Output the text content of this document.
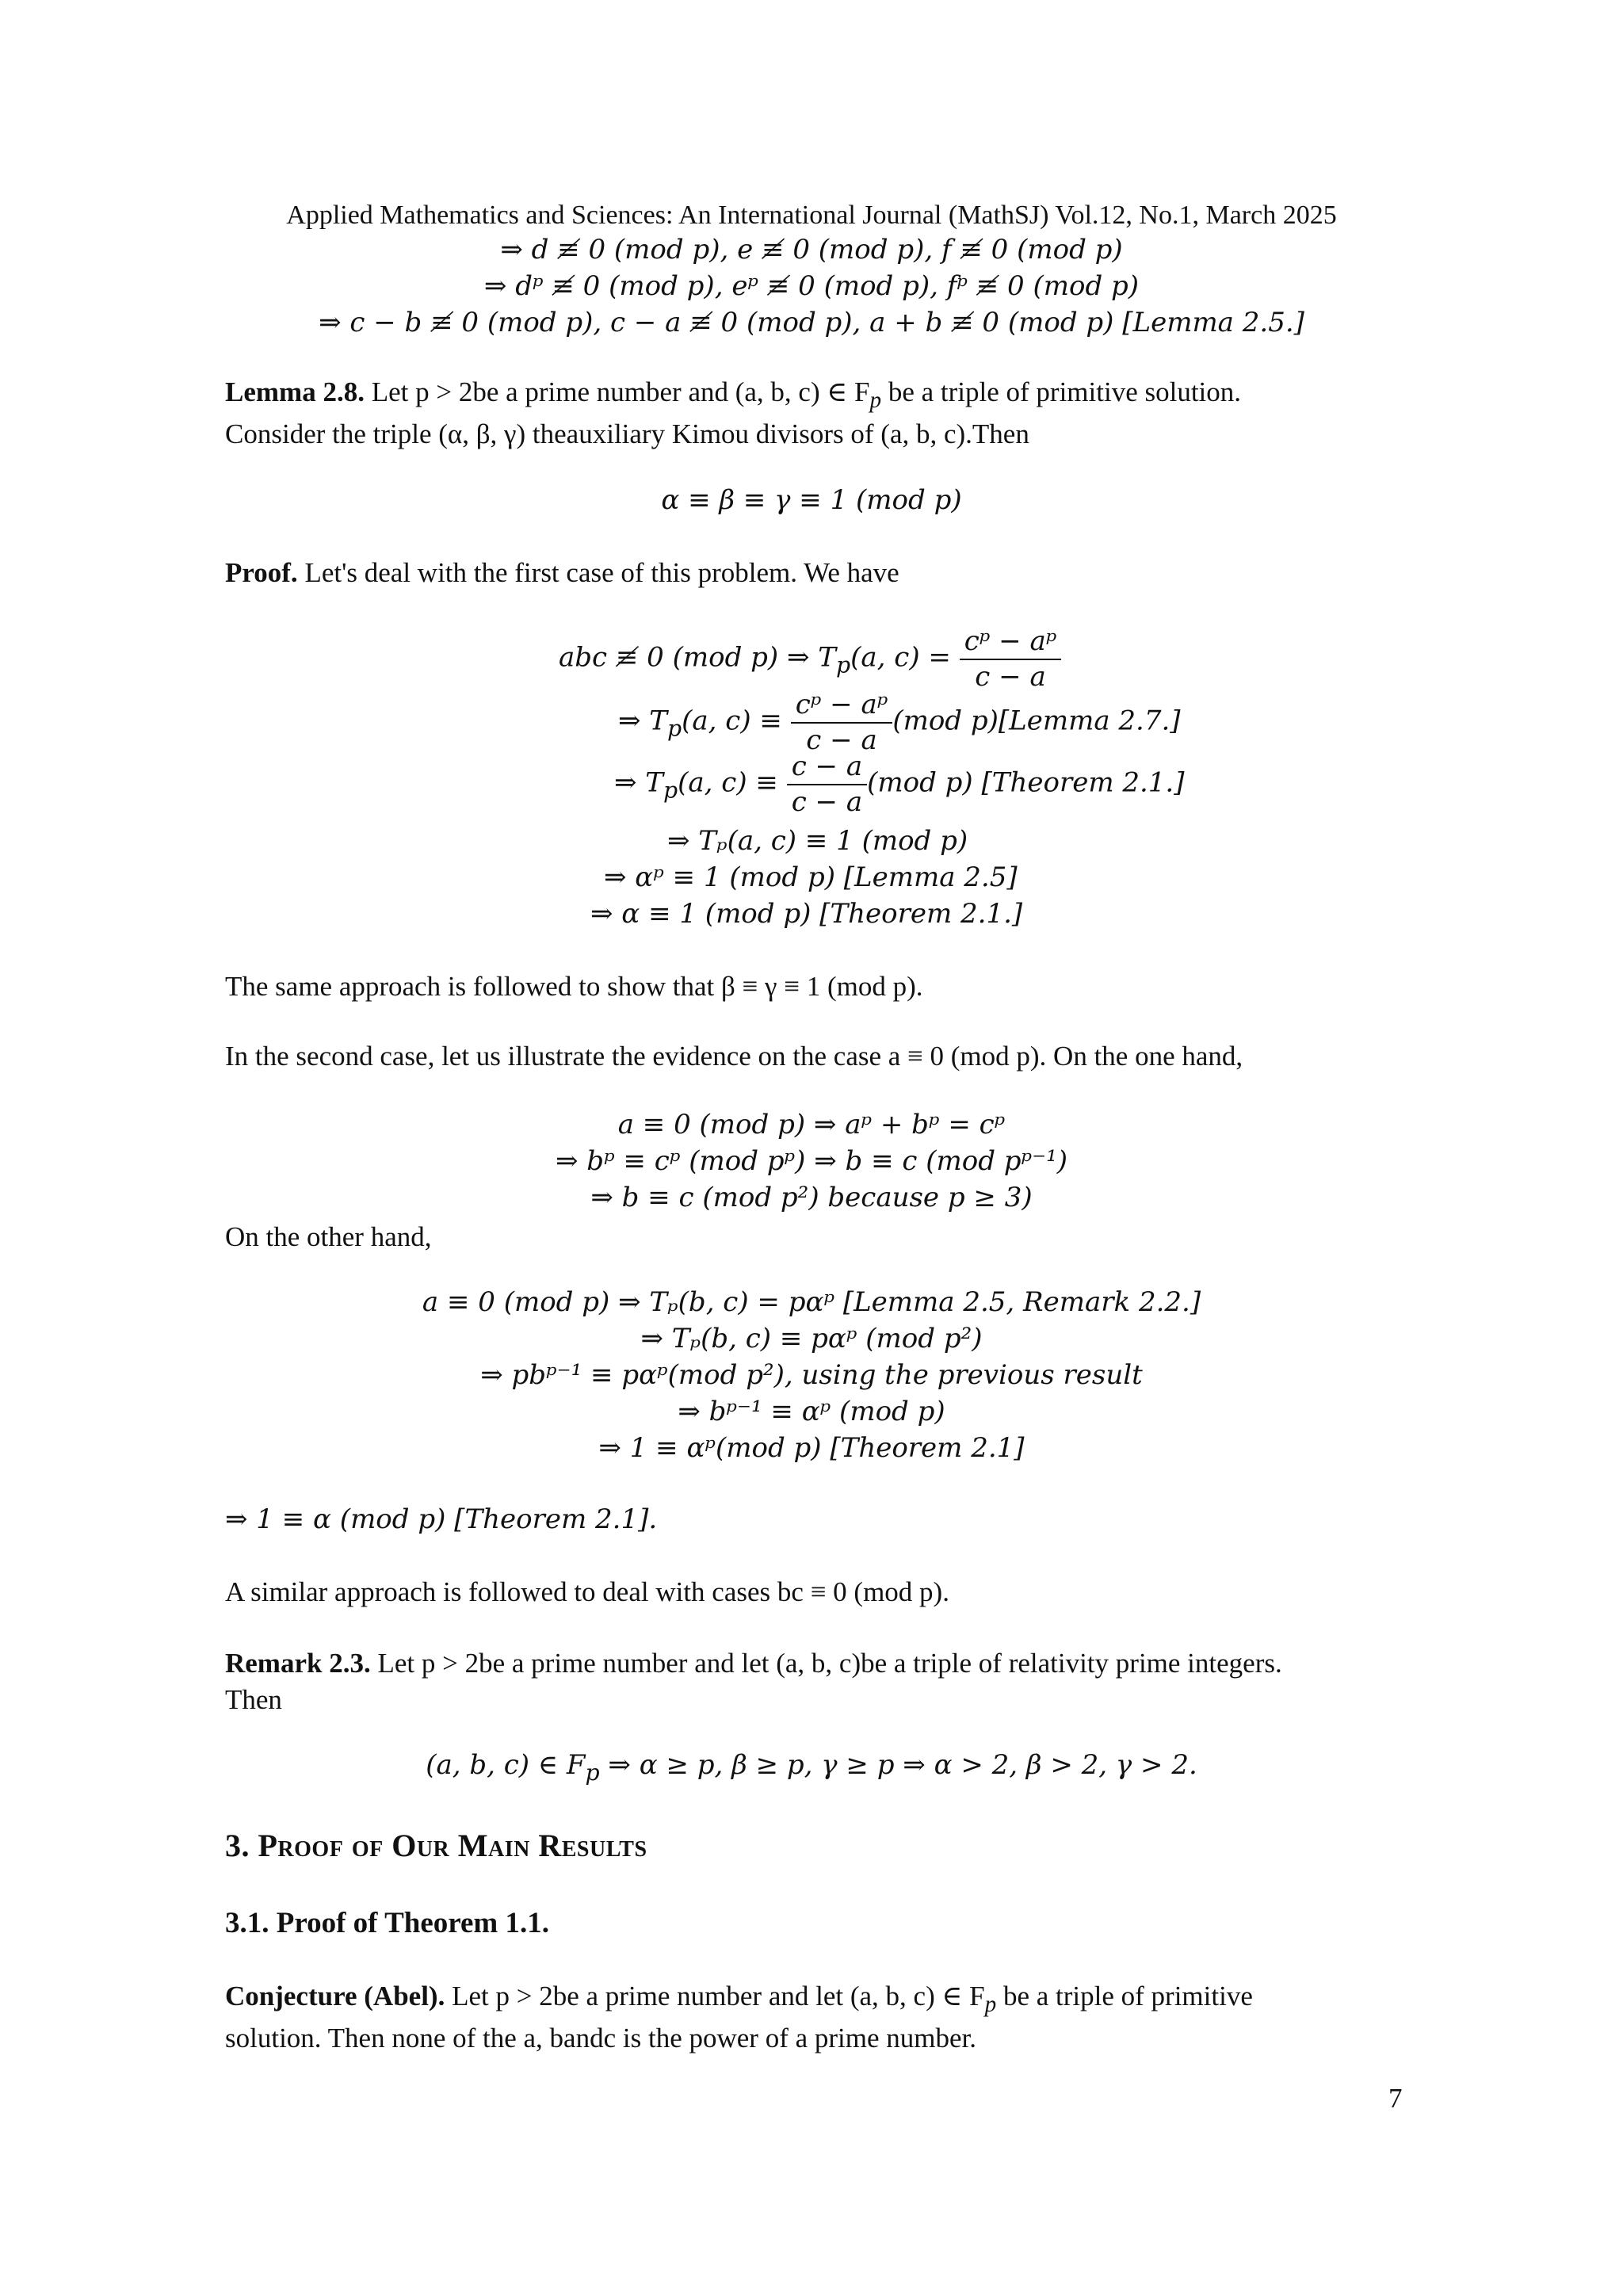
Applied Mathematics and Sciences: An International Journal (MathSJ) Vol.12, No.1, March 2025
⇒ d ≢ 0 (mod p), e ≢ 0 (mod p), f ≢ 0 (mod p)
⇒ dᵖ ≢ 0 (mod p), eᵖ ≢ 0 (mod p), fᵖ ≢ 0 (mod p)
⇒ c − b ≢ 0 (mod p), c − a ≢ 0 (mod p), a + b ≢ 0 (mod p) [Lemma 2.5.]
Lemma 2.8. Let p > 2be a prime number and (a, b, c) ∈ $F_p$ be a triple of primitive solution.
Consider the triple (α, β, γ) theauxiliary Kimou divisors of (a, b, c).Then
α ≡ β ≡ γ ≡ 1 (mod p)
Proof. Let's deal with the first case of this problem. We have
abc ≢ 0 (mod p) ⇒ $T_p(a$, $c) = \frac{\text{cᵖ − aᵖ}}{c - a}$
⇒ $T_p(a$, $c) \equiv \frac{\text{cᵖ − aᵖ}}{c - a} (mod$ p)[Lemma 2.7.]
⇒ $T_p(a$, $c) \equiv \frac{c - a}{c - a} (mod$ p) [Theorem 2.1.]
⇒ Tₚ(a, c) ≡ 1 (mod p)
⇒ αᵖ ≡ 1 (mod p) [Lemma 2.5]
⇒ α ≡ 1 (mod p) [Theorem 2.1.]
The same approach is followed to show that β ≡ γ ≡ 1 (mod p).
In the second case, let us illustrate the evidence on the case a ≡ 0 (mod p). On the one hand,
a ≡ 0 (mod p) ⇒ aᵖ + bᵖ = cᵖ
⇒ bᵖ ≡ cᵖ (mod pᵖ) ⇒ b ≡ c (mod pᵖ⁻¹)
⇒ b ≡ c (mod p²) because p ≥ 3)
On the other hand,
a ≡ 0 (mod p) ⇒ Tₚ(b, c) = pαᵖ [Lemma 2.5, Remark 2.2.]
⇒ Tₚ(b, c) ≡ pαᵖ (mod p²)
⇒ pbᵖ⁻¹ ≡ pαᵖ(mod p²), using the previous result
⇒ bᵖ⁻¹ ≡ αᵖ (mod p)
⇒ 1 ≡ αᵖ(mod p) [Theorem 2.1]
⇒ 1 ≡ α (mod p) [Theorem 2.1].
A similar approach is followed to deal with cases bc ≡ 0 (mod p).
Remark 2.3. Let p > 2be a prime number and let (a, b, c)be a triple of relativity prime integers.
Then
(a, b, c) ∈ $F_p$ ⇒ α ≥ p, β ≥ p, γ ≥ p ⇒ α > 2, β > 2, γ > 2.
3. Proof of Our Main Results
3.1. Proof of Theorem 1.1.
Conjecture (Abel). Let p > 2be a prime number and let (a, b, c) ∈ $F_p$ be a triple of primitive
solution. Then none of the a, bandc is the power of a prime number.
7
